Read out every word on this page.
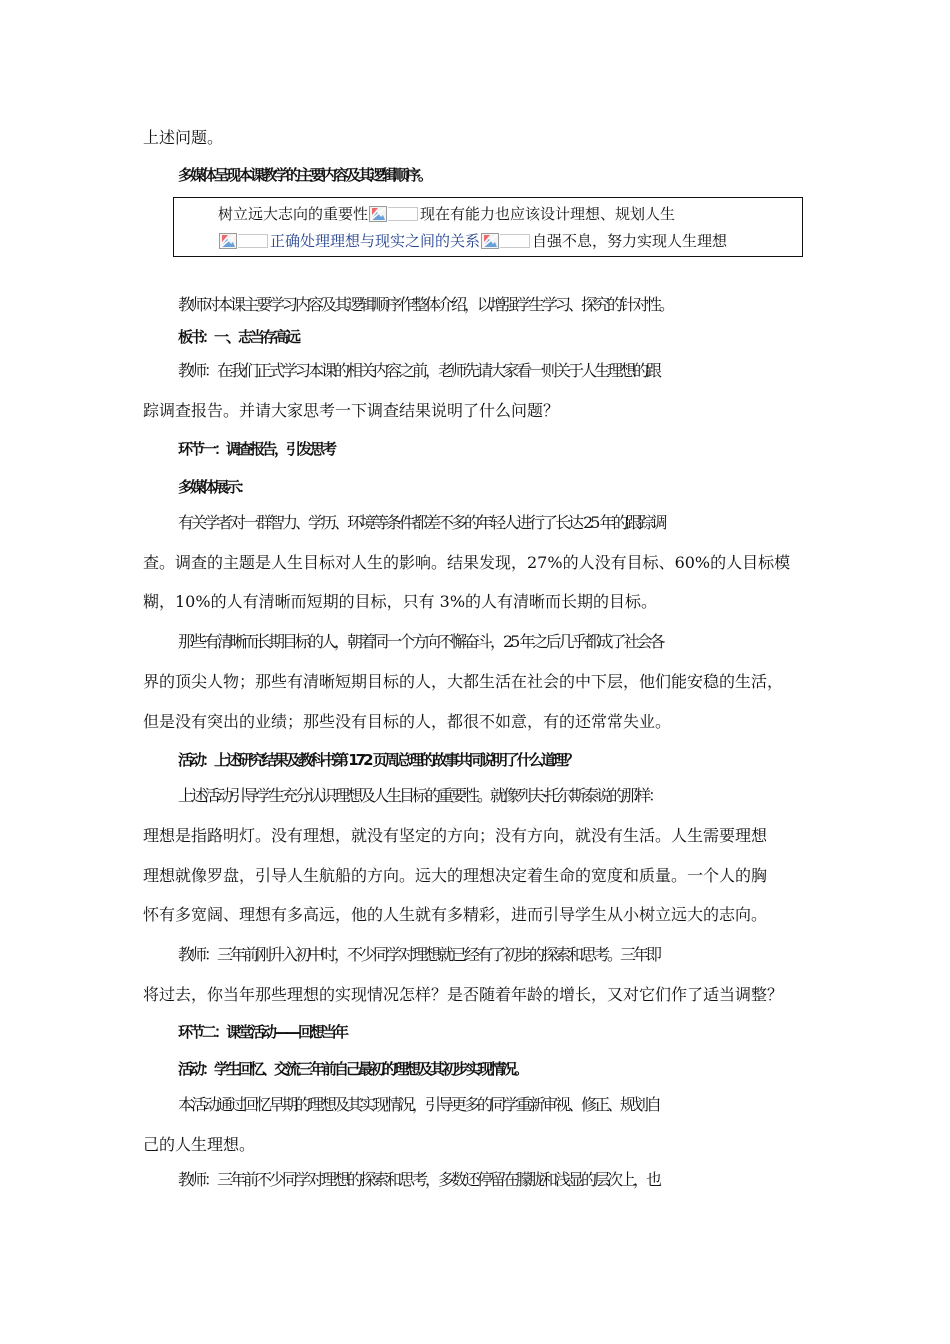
上述问题。
多媒体呈现本课教学的主要内容及其逻辑顺序。
树立远大志向的重要性	现在有能力也应该设计理想、规划人生
正确处理理想与现实之间的关系	自强不息，努力实现人生理想
教师对本课主要学习内容及其逻辑顺序作整体介绍，以增强学生学习、探究的针对性。
板书：一、志当存高远
教师：在我们正式学习本课的相关内容之前，老师先请大家看一则关于人生理想的跟
踪调查报告。并请大家思考一下调查结果说明了什么问题？
环节一：调查报告，引发思考
多媒体展示：
有关学者对一群智力、学历、环境等条件都差不多的年轻人进行了长达 25 年的跟踪调
查。调查的主题是人生目标对人生的影响。结果发现，27%的人没有目标、60%的人目标模
糊，10%的人有清晰而短期的目标，只有 3%的人有清晰而长期的目标。
那些有清晰而长期目标的人，朝着同一个方向不懈奋斗，25 年之后几乎都成了社会各
界的顶尖人物；那些有清晰短期目标的人，大都生活在社会的中下层，他们能安稳的生活，
但是没有突出的业绩；那些没有目标的人，都很不如意，有的还常常失业。
活动：上述研究结果及教科书第 172 页周总理的故事共同说明了什么道理？
上述活动引导学生充分认识理想及人生目标的重要性。就像列夫·托尔斯泰说的那样：
理想是指路明灯。没有理想，就没有坚定的方向；没有方向，就没有生活。人生需要理想
理想就像罗盘，引导人生航船的方向。远大的理想决定着生命的宽度和质量。一个人的胸
怀有多宽阔、理想有多高远，他的人生就有多精彩，进而引导学生从小树立远大的志向。
教师：三年前刚升入初中时，不少同学对理想就已经有了初步的探索和思考。三年即
将过去，你当年那些理想的实现情况怎样？是否随着年龄的增长，又对它们作了适当调整？
环节二：课堂活动——回想当年
活动：学生回忆、交流三年前自己最初的理想及其初步实现情况。
本活动通过回忆早期的理想及其实现情况，引导更多的同学重新审视、修正、规划自
己的人生理想。
教师：三年前不少同学对理想的探索和思考，多数还停留在朦胧和浅显的层次上，也
